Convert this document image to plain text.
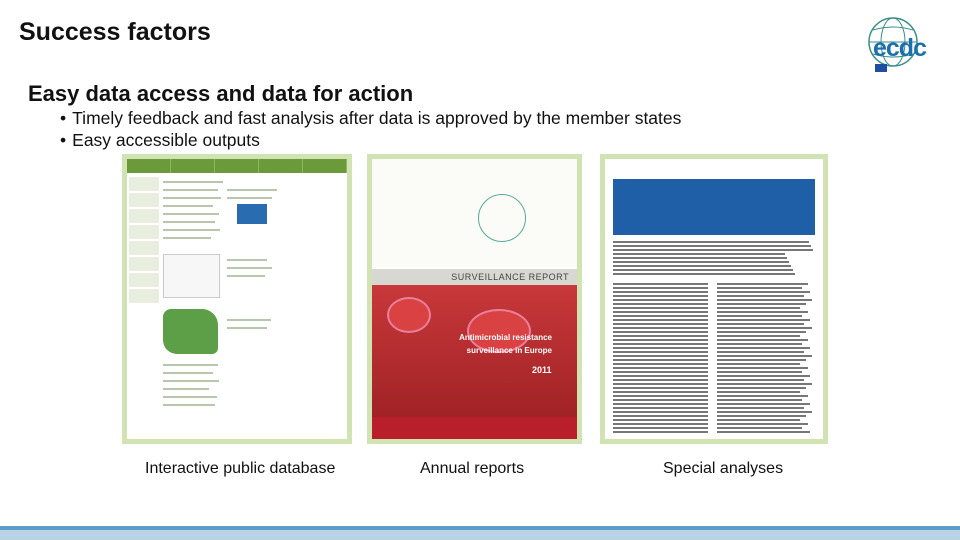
Success factors
ecdc
Easy data access and data for action
• Timely feedback and fast analysis after data is approved by the member states
• Easy accessible outputs
Interactive public database
SURVEILLANCE REPORT
Antimicrobial resistance surveillance in Europe
2011
Annual reports	Special analyses
